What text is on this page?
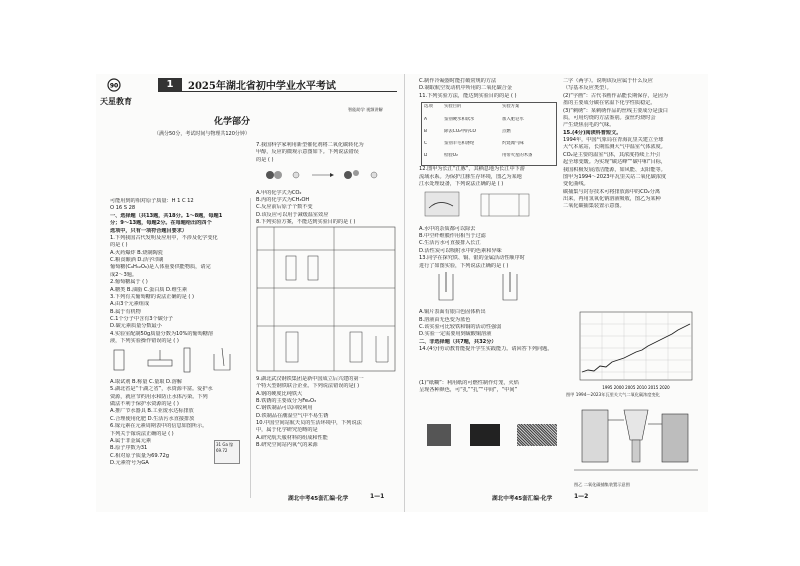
90
天星教育
1	2025年湖北省初中学业水平考试
智能助学 视频讲解
化学部分
（满分50分，考试时间与物理共120分钟）

可能用到的相对原子质量：H 1 C 12

O 16 S 28

一、选择题（共13题，共18分。1～8题，每题1

分；9～13题，每题2分。在每题给出的四个

选项中，只有一项符合题目要求）

1.下列我国古代发明及应用中，不涉及化学变化

的是 ( )

A.火药爆炸 B.烧制陶瓷

C.粮食酿酒 D.活字印刷

葡萄糖(C₆H₁₂O₆)是人体重要供能物质，请完

成2～3题。

2.葡萄糖属于 ( )

A.糖类 B.油脂 C.蛋白质 D.维生素

3.下列有关葡萄糖的说法正确的是 ( )

A.由3个元素组成

B.属于有机物

C.1个分子中含有3个碳分子

D.碳元素质量分数最小

4.实验室配制50g质量分数为10%的葡萄糖溶

液，下列实验操作错误的是 ( )

A.取试剂 B.称量 C.量取 D.溶解

5.湖北省是“千湖之省”，水资源丰富。爱护水

资源，就应节约用水和防止水体污染。下列

做法不利于保护水资源的是 ( )

A.推广节水器具 B.工业废水达标排放

C.合理使用化肥 D.生活污水直接排放

6.镓元素在元素周期表中的信息如图所示。

下列关于镓说法正确的是 ( )

A.属于非金属元素

B.原子序数为31

C.相对原子质量为69.72g

D.元素符号为GA

31 Ga 镓 69.72

7.我国科学家利用新型催化剂将二氧化碳转化为

甲醇，反应的微观示意图如下。下列说法错误

的是 ( )

A.甲的化学式为CO₂

B.丙的化学式为CH₃OH

C.反应前后原子个数不变

D.该反应可以用于减缓温室效应

8.下列实验方案，不能达到实验目的的是 ( )

9.湖北武汉钢铁集团是新中国成立后兴建的第一

个特大型钢铁联合企业。下列说法错误的是( )

A.钢的硬度比纯铁大

B.铁锈的主要成分为Fe₂O₃

C.钢铁制品可以回收利用

D.铁制品在潮湿空气中不易生锈

10.中国空间站航天员的生活环境中，下列说法

中，属于化学研究范畴的是

A.研究航天服材料的组成和性能

B.研究空间站内氧气的来源

湖北中考45套汇编·化学	1—1

C.制作冷凝器时能打破常规的方法

D.制取航空发动机中所用的二氧化碳合金

11.下列实验方法，能达到实验目的的是 ( )

选项	实验目的	实验方案
A	鉴别硬水和软水	加入肥皂水
B	除去CO₂中的CO	点燃
C	鉴别羊毛和涤纶	灼烧闻气味
D	检验O₂	用带火星的木条

12.图甲为长江“江豚”，其栖息地为长江中下游

流域水系。为保护江豚生存环境，图乙为某地

江水处理设备，下列说法正确的是 ( )

A.水中的杂质都可以除去

B.中空纤维膜作用相当于过滤

C.生活污水可直接排入长江

D.活性炭可以吸附水中的色素和异味

13.同学在探究铁、铜、银的金属活动性顺序时

进行了如图实验，下列说法正确的是 ( )

A.铜片表面有银白色固体析出

B.溶液由无色变为蓝色

C.该实验可比较铁和铜的活动性强弱

D.实验一定需要用到硫酸铜溶液

二、非选择题（共7题，共32分）

14.(4分)劳动教育能提升学生实践能力。请回答下列问题。

(1)“纸糊”：利用纸的可燃性制作灯笼，火焰

呈现各种颜色，可“扎”“扎”“中间”，“中间”

二字（两字）。说明该反应属于什么反应

（写基本反应类型）。

(2)“字画”：古代书画作品能长期保存，是因为

墨的主要成分碳在常温下化学性质稳定。

(3)“刺绣”：某刺绣作品的丝线主要成分是蛋白

质，可用灼烧的方法鉴别。蚕丝灼烧时会

产生烧焦羽毛的气味。

15.(4分)阅读科普短文。

1994年，中国气象局在青海瓦里关建立全球

大气本底站，长期监测大气中温室气体浓度。

CO₂是主要的温室气体，其浓度持续上升引

起全球变暖。为实现“碳达峰”“碳中和”目标，

我国积极发展清洁能源，如风能、太阳能等。

图甲为1994～2023年瓦里关站二氧化碳浓度

变化曲线。

碳捕集与封存技术可将排放源中的CO₂分离

出来，再用氢氧化钠溶液吸收，图乙为某种

二氧化碳捕集装置示意图。

1995 2000 2005 2010 2015 2020
图甲 1994～2023年瓦里关大气二氧化碳浓度变化
图乙 二氧化碳捕集装置示意图
湖北中考45套汇编·化学	1—2
